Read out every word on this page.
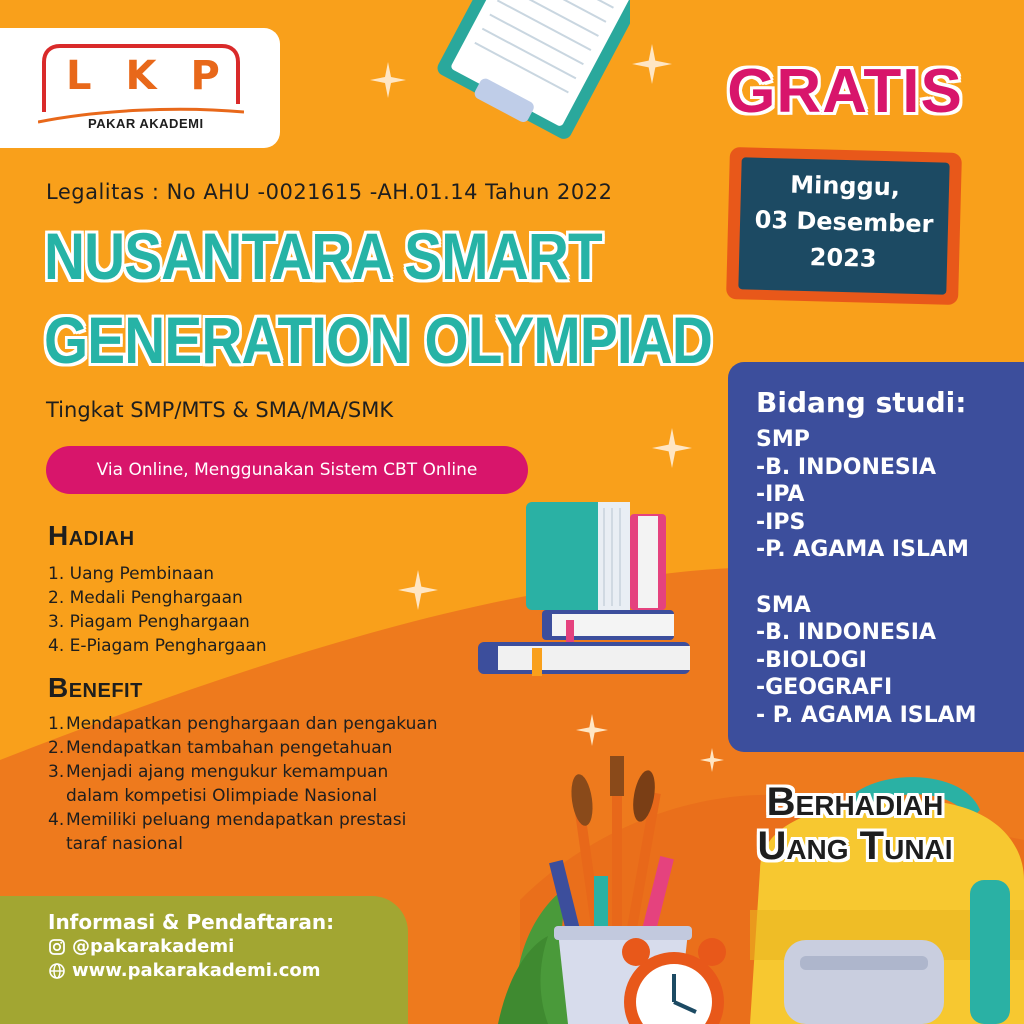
LKP
PAKAR AKADEMI
Legalitas : No AHU -0021615 -AH.01.14 Tahun 2022
NUSANTARA SMART
GENERATION OLYMPIAD
Tingkat SMP/MTS & SMA/MA/SMK
Via Online, Menggunakan Sistem CBT Online
Hadiah
1. Uang Pembinaan
2. Medali Penghargaan
3. Piagam Penghargaan
4. E-Piagam Penghargaan
Benefit
1. Mendapatkan penghargaan dan pengakuan
2. Mendapatkan tambahan pengetahuan
3. Menjadi ajang mengukur kemampuan
dalam kompetisi Olimpiade Nasional
4. Memiliki peluang mendapatkan prestasi
taraf nasional
GRATIS
Minggu,
03 Desember
2023
Bidang studi:
SMP
-B. INDONESIA
-IPA
-IPS
-P. AGAMA ISLAM
SMA
-B. INDONESIA
-BIOLOGI
-GEOGRAFI
- P. AGAMA ISLAM
Berhadiah
Uang Tunai
Informasi & Pendaftaran:
@pakarakademi
www.pakarakademi.com
